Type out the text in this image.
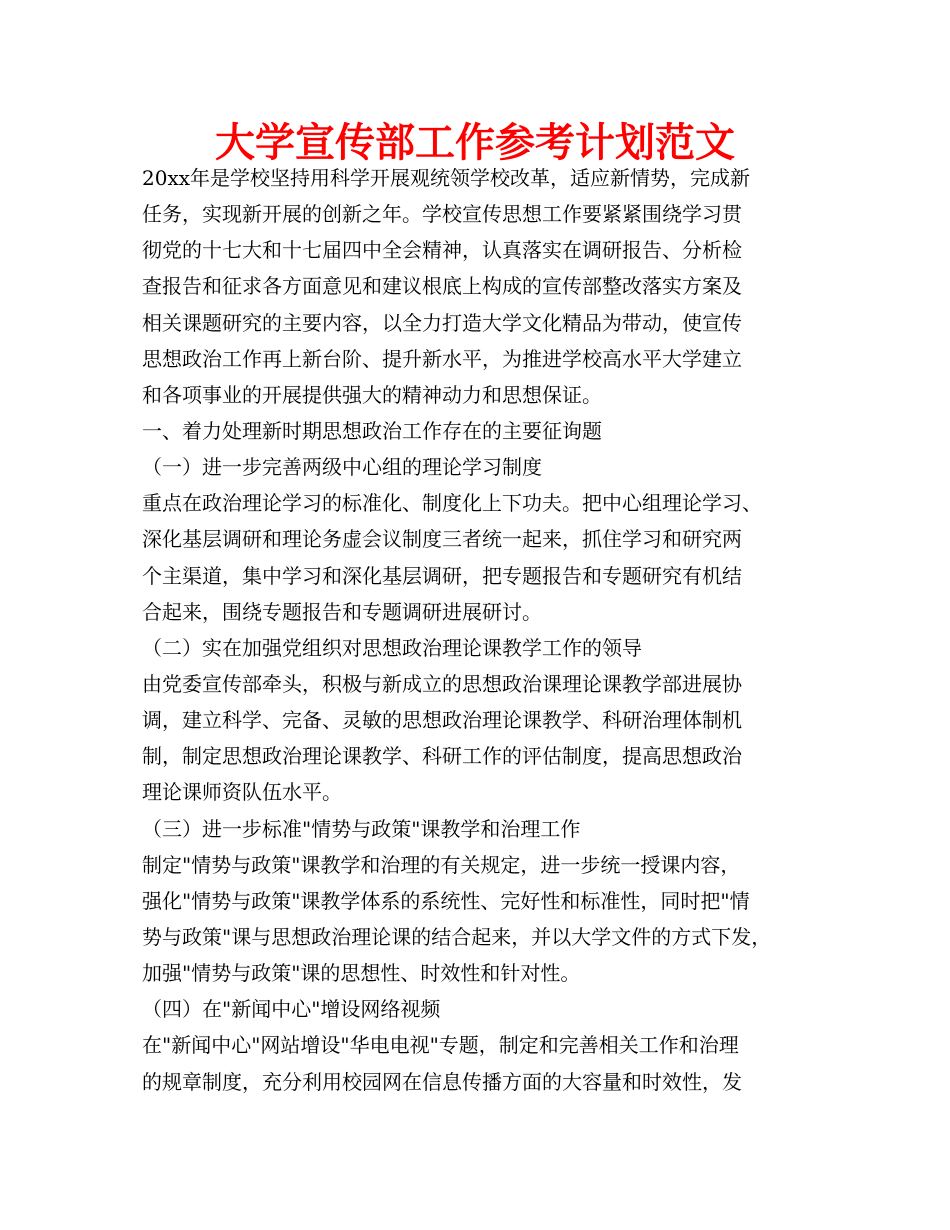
大学宣传部工作参考计划范文
20xx年是学校坚持用科学开展观统领学校改革，适应新情势，完成新
任务，实现新开展的创新之年。学校宣传思想工作要紧紧围绕学习贯
彻党的十七大和十七届四中全会精神，认真落实在调研报告、分析检
查报告和征求各方面意见和建议根底上构成的宣传部整改落实方案及
相关课题研究的主要内容，以全力打造大学文化精品为带动，使宣传
思想政治工作再上新台阶、提升新水平，为推进学校高水平大学建立
和各项事业的开展提供强大的精神动力和思想保证。
一、着力处理新时期思想政治工作存在的主要征询题
（一）进一步完善两级中心组的理论学习制度
重点在政治理论学习的标准化、制度化上下功夫。把中心组理论学习、
深化基层调研和理论务虚会议制度三者统一起来，抓住学习和研究两
个主渠道，集中学习和深化基层调研，把专题报告和专题研究有机结
合起来，围绕专题报告和专题调研进展研讨。
（二）实在加强党组织对思想政治理论课教学工作的领导
由党委宣传部牵头，积极与新成立的思想政治课理论课教学部进展协
调，建立科学、完备、灵敏的思想政治理论课教学、科研治理体制机
制，制定思想政治理论课教学、科研工作的评估制度，提高思想政治
理论课师资队伍水平。
（三）进一步标准"情势与政策"课教学和治理工作
制定"情势与政策"课教学和治理的有关规定，进一步统一授课内容，
强化"情势与政策"课教学体系的系统性、完好性和标准性，同时把"情
势与政策"课与思想政治理论课的结合起来，并以大学文件的方式下发，
加强"情势与政策"课的思想性、时效性和针对性。
（四）在"新闻中心"增设网络视频
在"新闻中心"网站增设"华电电视"专题，制定和完善相关工作和治理
的规章制度，充分利用校园网在信息传播方面的大容量和时效性，发
